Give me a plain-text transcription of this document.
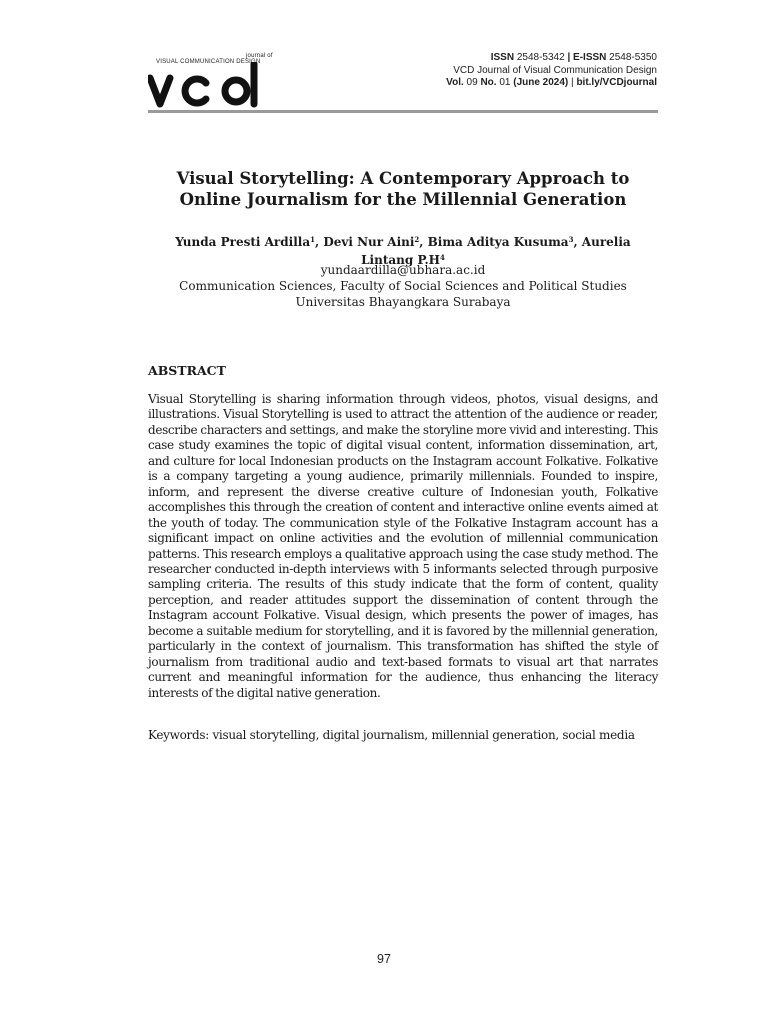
journal of
VISUAL COMMUNICATION DESIGN	ISSN 2548-5342 | E-ISSN 2548-5350
VCD Journal of Visual Communication Design
Vol. 09 No. 01 (June 2024) | bit.ly/VCDjournal
Visual Storytelling: A Contemporary Approach to
Online Journalism for the Millennial Generation
Yunda Presti Ardilla$^1$, Devi Nur Aini$^2$, Bima Aditya Kusuma$^3$, Aurelia
Lintang $P.H^4$
yundaardilla@ubhara.ac.id
Communication Sciences, Faculty of Social Sciences and Political Studies
Universitas Bhayangkara Surabaya
ABSTRACT
Visual Storytelling is sharing information through videos, photos, visual designs, and illustrations. Visual Storytelling is used to attract the attention of the audience or reader, describe characters and settings, and make the storyline more vivid and interesting. This case study examines the topic of digital visual content, information dissemination, art, and culture for local Indonesian products on the Instagram account Folkative. Folkative is a company targeting a young audience, primarily millennials. Founded to inspire, inform, and represent the diverse creative culture of Indonesian youth, Folkative accomplishes this through the creation of content and interactive online events aimed at the youth of today. The communication style of the Folkative Instagram account has a significant impact on online activities and the evolution of millennial communication patterns. This research employs a qualitative approach using the case study method. The researcher conducted in-depth interviews with 5 informants selected through purposive sampling criteria. The results of this study indicate that the form of content, quality perception, and reader attitudes support the dissemination of content through the Instagram account Folkative. Visual design, which presents the power of images, has become a suitable medium for storytelling, and it is favored by the millennial generation, particularly in the context of journalism. This transformation has shifted the style of journalism from traditional audio and text-based formats to visual art that narrates current and meaningful information for the audience, thus enhancing the literacy interests of the digital native generation.
Keywords: visual storytelling, digital journalism, millennial generation, social media
97
